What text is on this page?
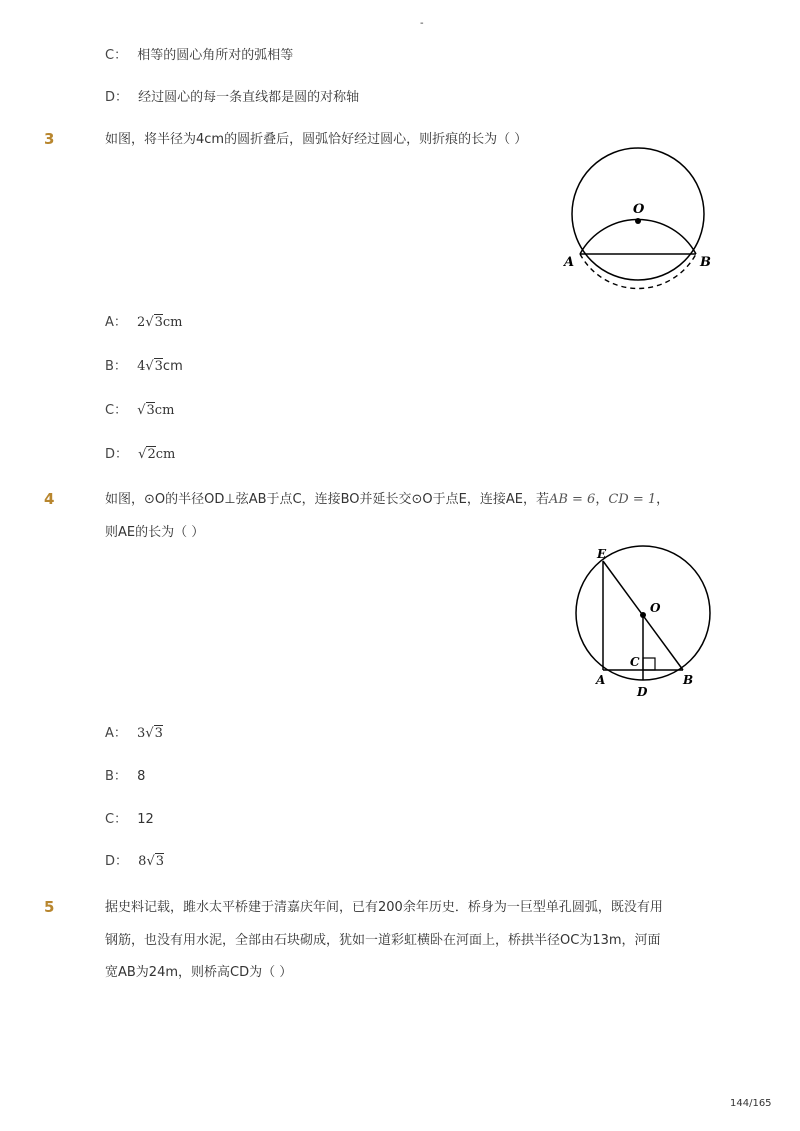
-
C： 相等的圆心角所对的弧相等
D： 经过圆心的每一条直线都是圆的对称轴
3	如图，将半径为4cm的圆折叠后，圆弧恰好经过圆心，则折痕的长为（ ）
O
A	B
A： 2√3cm
B： 4√3cm
C： √3cm
D： √2cm
4	如图，⊙O的半径OD⊥弦AB于点C，连接BO并延长交⊙O于点E，连接AE，若AB = 6，CD = 1，
则AE的长为（ ）
E
O
C
A
D
B
A： 3√3
B： 8
C： 12
D： 8√3
5	据史料记载，雎水太平桥建于清嘉庆年间，已有200余年历史．桥身为一巨型单孔圆弧，既没有用
钢筋，也没有用水泥，全部由石块砌成，犹如一道彩虹横卧在河面上，桥拱半径OC为13m，河面
宽AB为24m，则桥高CD为（ ）
144/165
